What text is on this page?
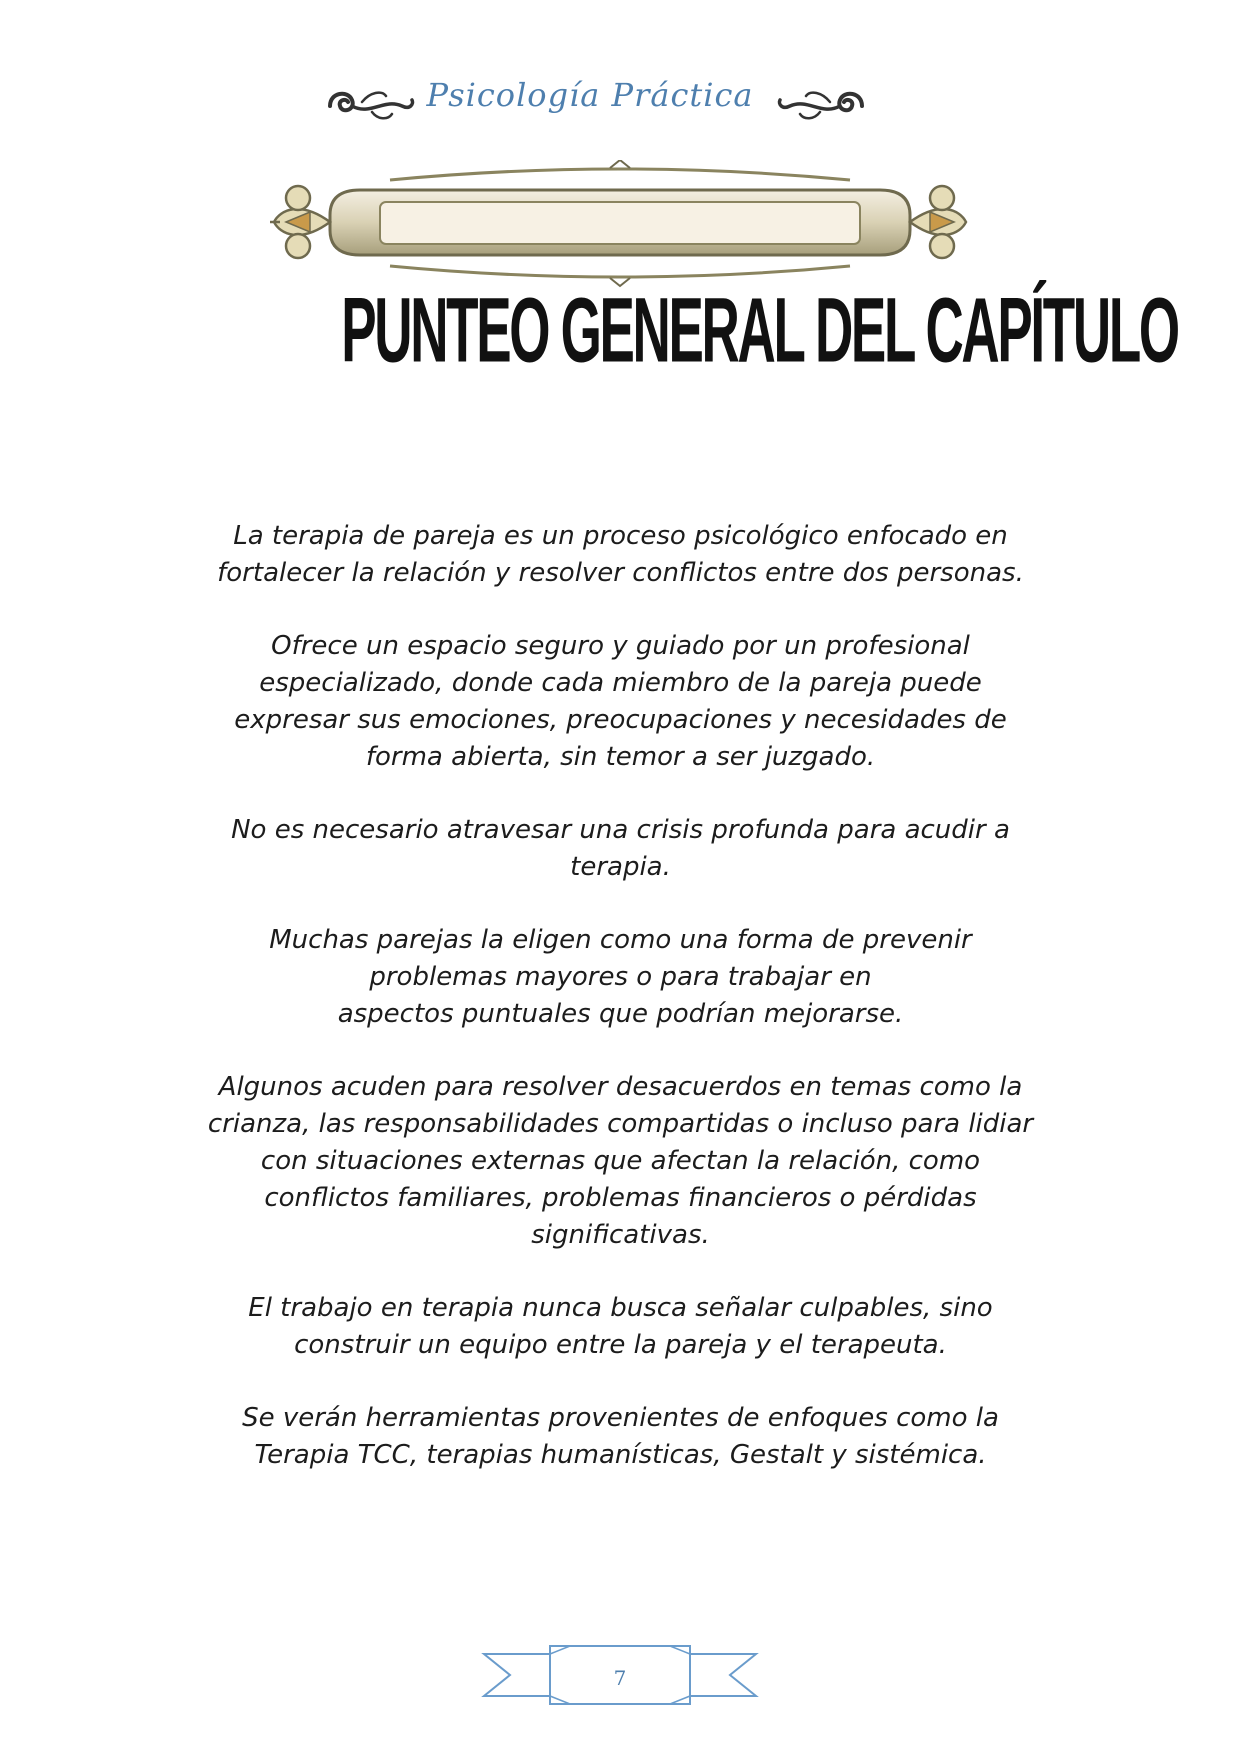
Psicología Práctica
PUNTEO GENERAL DEL CAPÍTULO

La terapia de pareja es un proceso psicológico enfocado en
fortalecer la relación y resolver conflictos entre dos personas.

Ofrece un espacio seguro y guiado por un profesional
especializado, donde cada miembro de la pareja puede
expresar sus emociones, preocupaciones y necesidades de
forma abierta, sin temor a ser juzgado.

No es necesario atravesar una crisis profunda para acudir a
terapia.

Muchas parejas la eligen como una forma de prevenir
problemas mayores o para trabajar en
aspectos puntuales que podrían mejorarse.

Algunos acuden para resolver desacuerdos en temas como la
crianza, las responsabilidades compartidas o incluso para lidiar
con situaciones externas que afectan la relación, como
conflictos familiares, problemas financieros o pérdidas
significativas.

El trabajo en terapia nunca busca señalar culpables, sino
construir un equipo entre la pareja y el terapeuta.

Se verán herramientas provenientes de enfoques como la
Terapia TCC, terapias humanísticas, Gestalt y sistémica.

7
